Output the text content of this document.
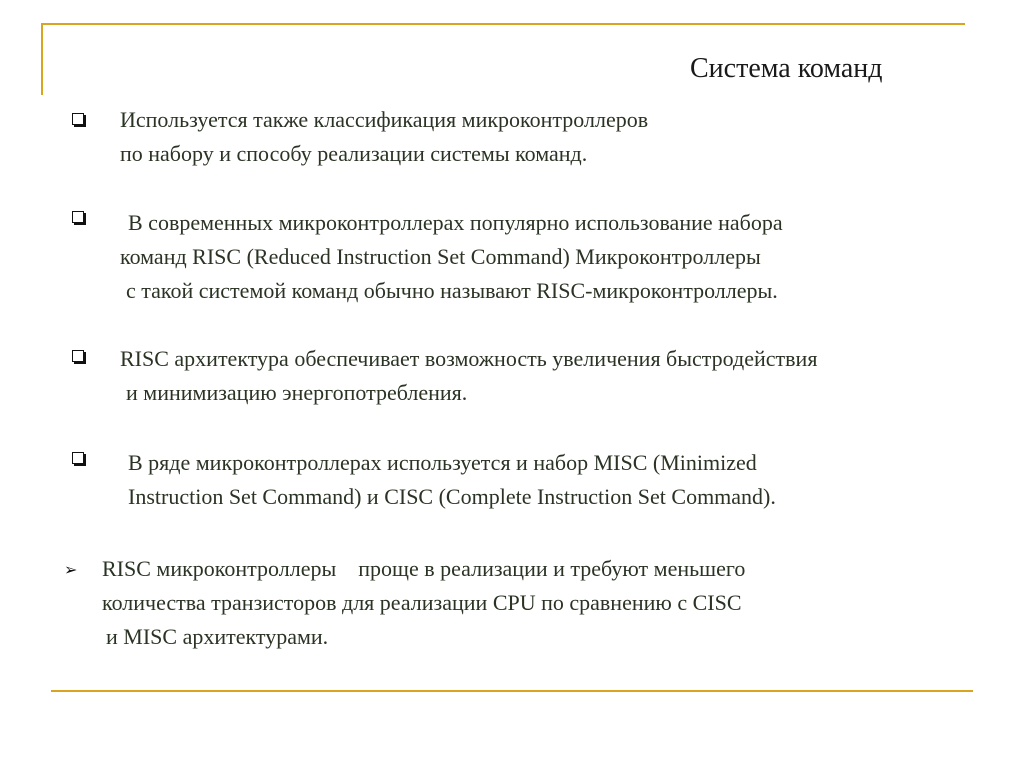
Система команд
Используется также классификация микроконтроллеров
по набору и способу реализации системы команд.
В современных микроконтроллерах популярно использование набора
команд RISC (Reduced Instruction Set Command) Микроконтроллеры
с такой системой команд обычно называют RISC-микроконтроллеры.
RISC архитектура обеспечивает возможность увеличения быстродействия
и минимизацию энергопотребления.
В ряде микроконтроллерах используется и набор MISC (Minimized
Instruction Set Command) и CISC (Complete Instruction Set Command).
➢ RISC микроконтроллеры    проще в реализации и требуют меньшего
количества транзисторов для реализации CPU по сравнению с CISC
и MISC архитектурами.
